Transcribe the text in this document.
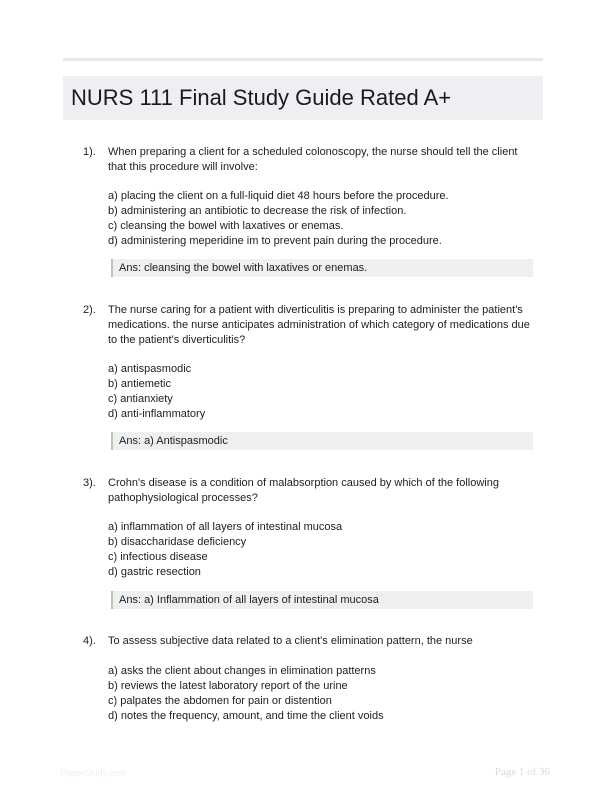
NURS 111 Final Study Guide Rated A+
1). When preparing a client for a scheduled colonoscopy, the nurse should tell the client that this procedure will involve:
a) placing the client on a full-liquid diet 48 hours before the procedure.
b) administering an antibiotic to decrease the risk of infection.
c) cleansing the bowel with laxatives or enemas.
d) administering meperidine im to prevent pain during the procedure.
Ans: cleansing the bowel with laxatives or enemas.
2). The nurse caring for a patient with diverticulitis is preparing to administer the patient's medications. the nurse anticipates administration of which category of medications due to the patient's diverticulitis?
a) antispasmodic
b) antiemetic
c) antianxiety
d) anti-inflammatory
Ans: a) Antispasmodic
3). Crohn's disease is a condition of malabsorption caused by which of the following pathophysiological processes?
a) inflammation of all layers of intestinal mucosa
b) disaccharidase deficiency
c) infectious disease
d) gastric resection
Ans: a) Inflammation of all layers of intestinal mucosa
4). To assess subjective data related to a client's elimination pattern, the nurse
a) asks the client about changes in elimination patterns
b) reviews the latest laboratory report of the urine
c) palpates the abdomen for pain or distention
d) notes the frequency, amount, and time the client voids
PaperStudy.com	Page 1 of 36
